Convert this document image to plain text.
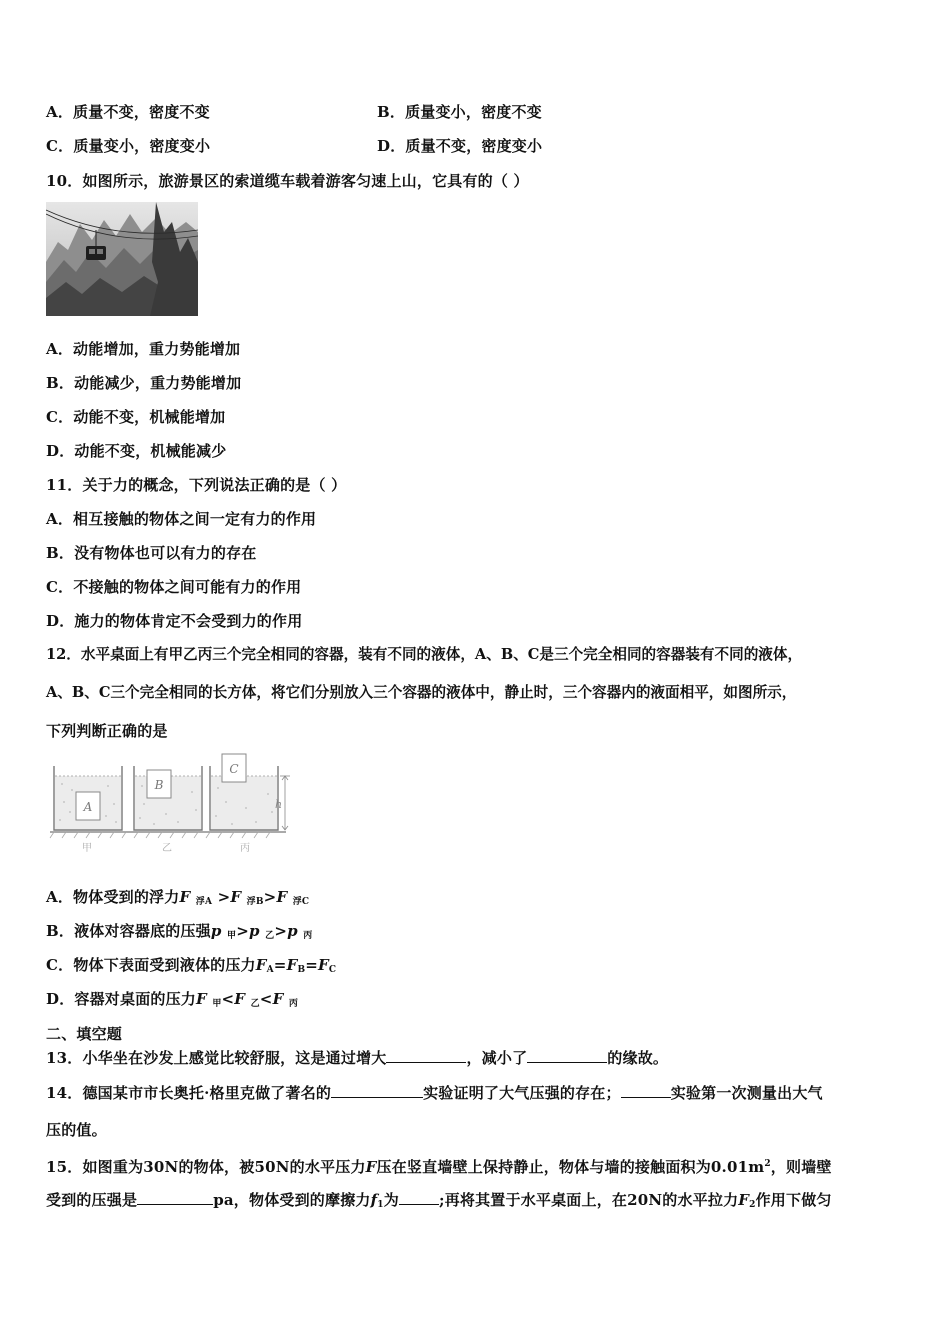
A．质量不变，密度不变	B．质量变小，密度不变
C．质量变小，密度变小	D．质量不变，密度变小
10．如图所示，旅游景区的索道缆车载着游客匀速上山，它具有的（ ）
A．动能增加，重力势能增加
B．动能减少，重力势能增加
C．动能不变，机械能增加
D．动能不变，机械能减少
11．关于力的概念，下列说法正确的是（ ）
A．相互接触的物体之间一定有力的作用
B．没有物体也可以有力的存在
C．不接触的物体之间可能有力的作用
D．施力的物体肯定不会受到力的作用
12．水平桌面上有甲乙丙三个完全相同的容器，装有不同的液体，A、B、C是三个完全相同的容器装有不同的液体，
A、B、C三个完全相同的长方体，将它们分别放入三个容器的液体中，静止时，三个容器内的液面相平，如图所示，
下列判断正确的是
A
B
C
h
甲	乙	丙
A．物体受到的浮力F $_{浮A}$ >F $_{浮B}$>F $_{浮C}$
B．液体对容器底的压强p $_甲$>p $_乙$>p $_丙$
C．物体下表面受到液体的压力$F_A=F_B=F_C$
D．容器对桌面的压力F $_甲$<F $_乙$<F $_丙$
二、填空题
13．小华坐在沙发上感觉比较舒服，这是通过增大	，减小了	的缘故。
14．德国某市市长奥托·格里克做了著名的	实验证明了大气压强的存在；	实验第一次测量出大气
压的值。
15．如图重为30N的物体，被50N的水平压力F压在竖直墙壁上保持静止，物体与墙的接触面积为$0.01m^2$，则墙壁
受到的压强是	pa，物体受到的摩擦力$f_1$为	;再将其置于水平桌面上，在20N的水平拉力$F_2$作用下做匀
